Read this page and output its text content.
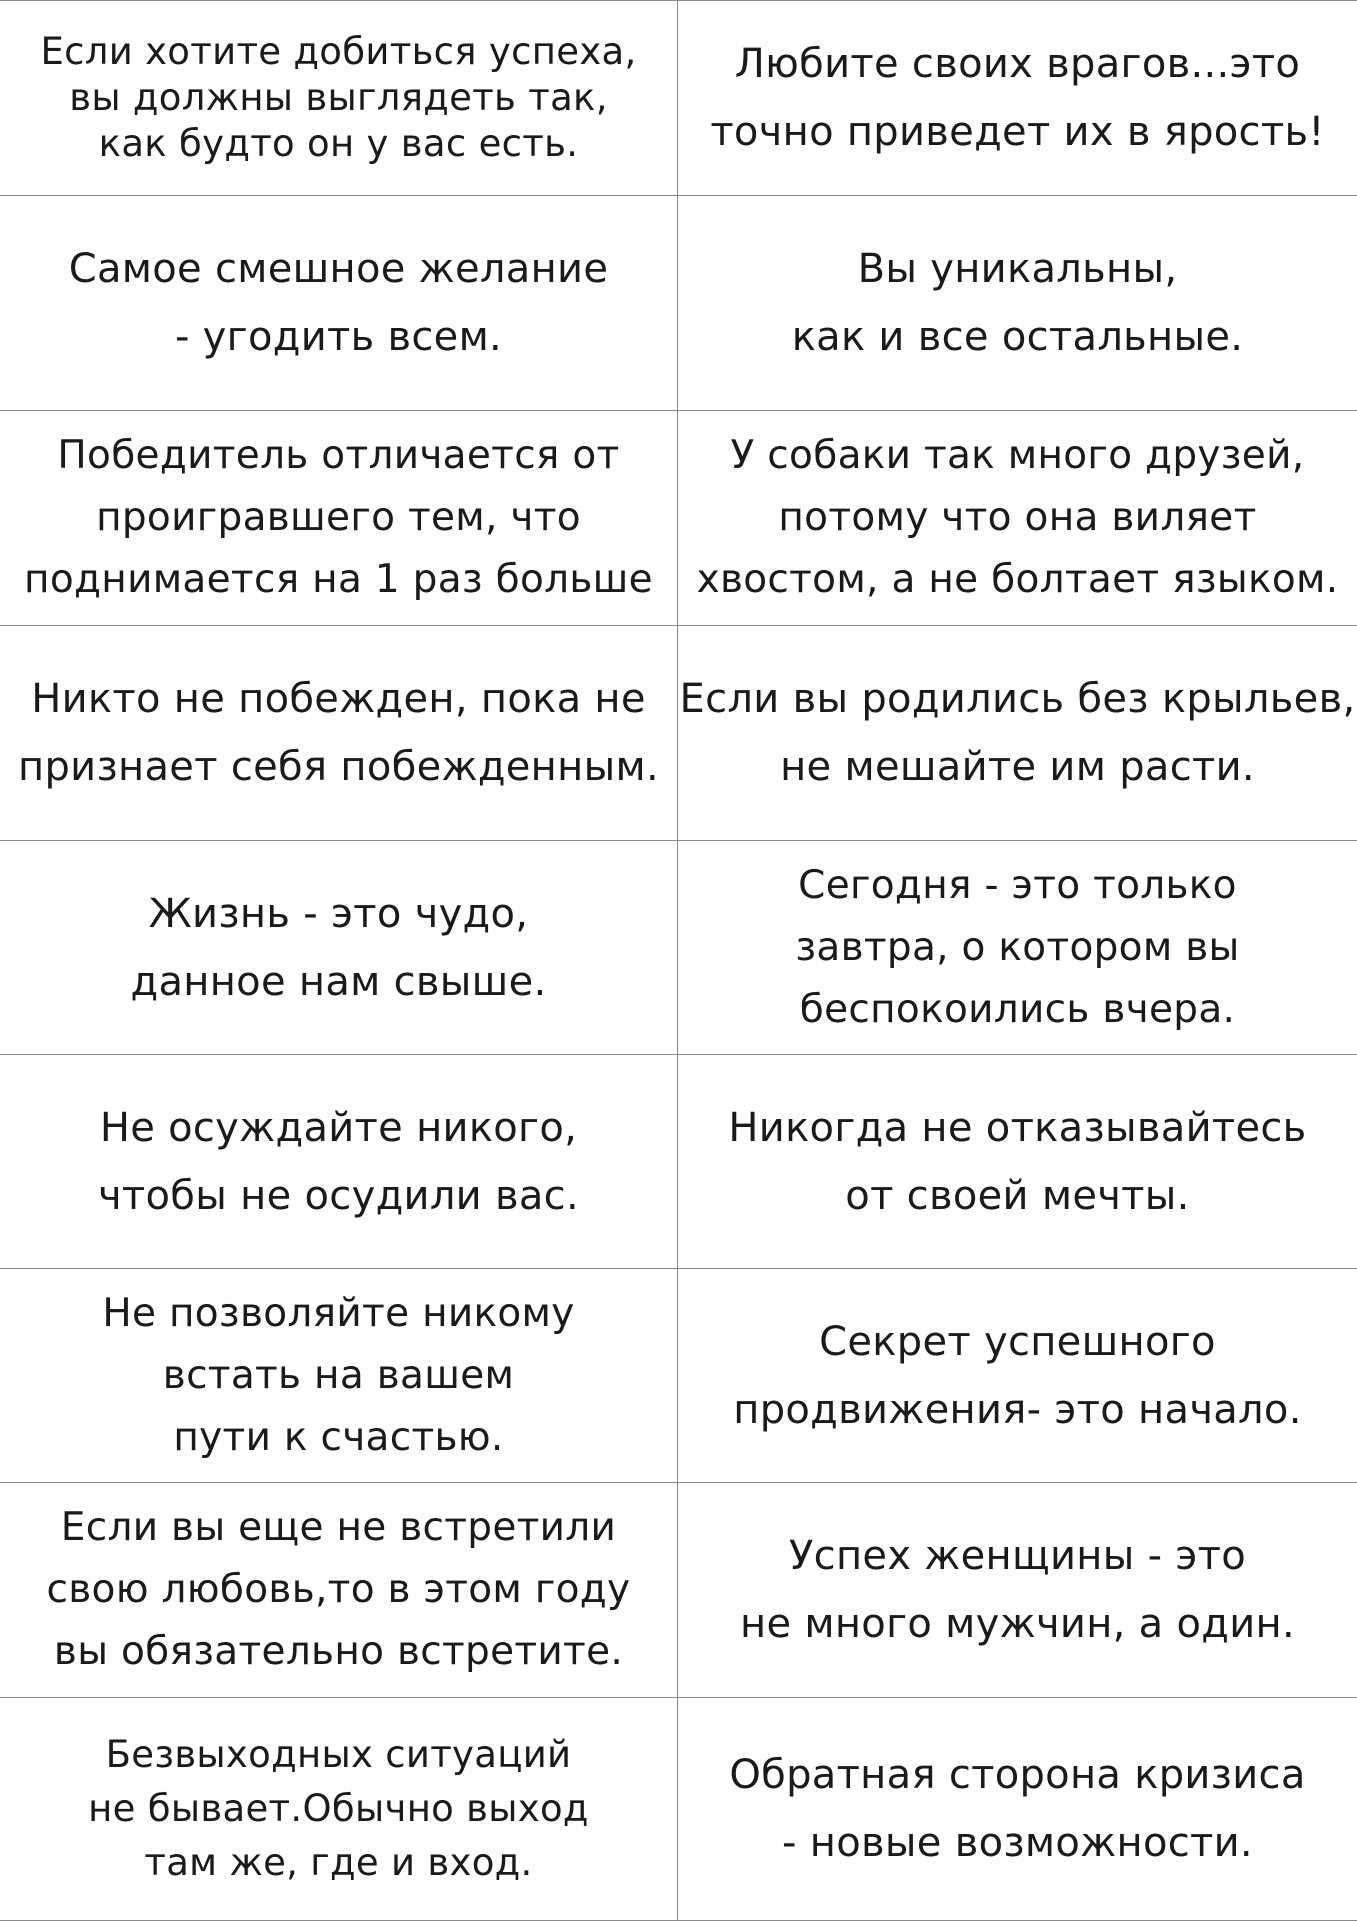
Если хотите добиться успеха,
вы должны выглядеть так,
как будто он у вас есть.

Любите своих врагов...это
точно приведет их в ярость!

Самое смешное желание
- угодить всем.

Вы уникальны,
как и все остальные.

Победитель отличается от
проигравшего тем, что
поднимается на 1 раз больше

У собаки так много друзей,
потому что она виляет
хвостом, а не болтает языком.

Никто не побежден, пока не
признает себя побежденным.

Если вы родились без крыльев,
не мешайте им расти.

Жизнь - это чудо,
данное нам свыше.

Сегодня - это только
завтра, о котором вы
беспокоились вчера.

Не осуждайте никого,
чтобы не осудили вас.

Никогда не отказывайтесь
от своей мечты.

Не позволяйте никому
встать на вашем
пути к счастью.

Секрет успешного
продвижения- это начало.

Если вы еще не встретили
свою любовь,то в этом году
вы обязательно встретите.

Успех женщины - это
не много мужчин, а один.

Безвыходных ситуаций
не бывает.Обычно выход
там же, где и вход.

Обратная сторона кризиса
- новые возможности.
